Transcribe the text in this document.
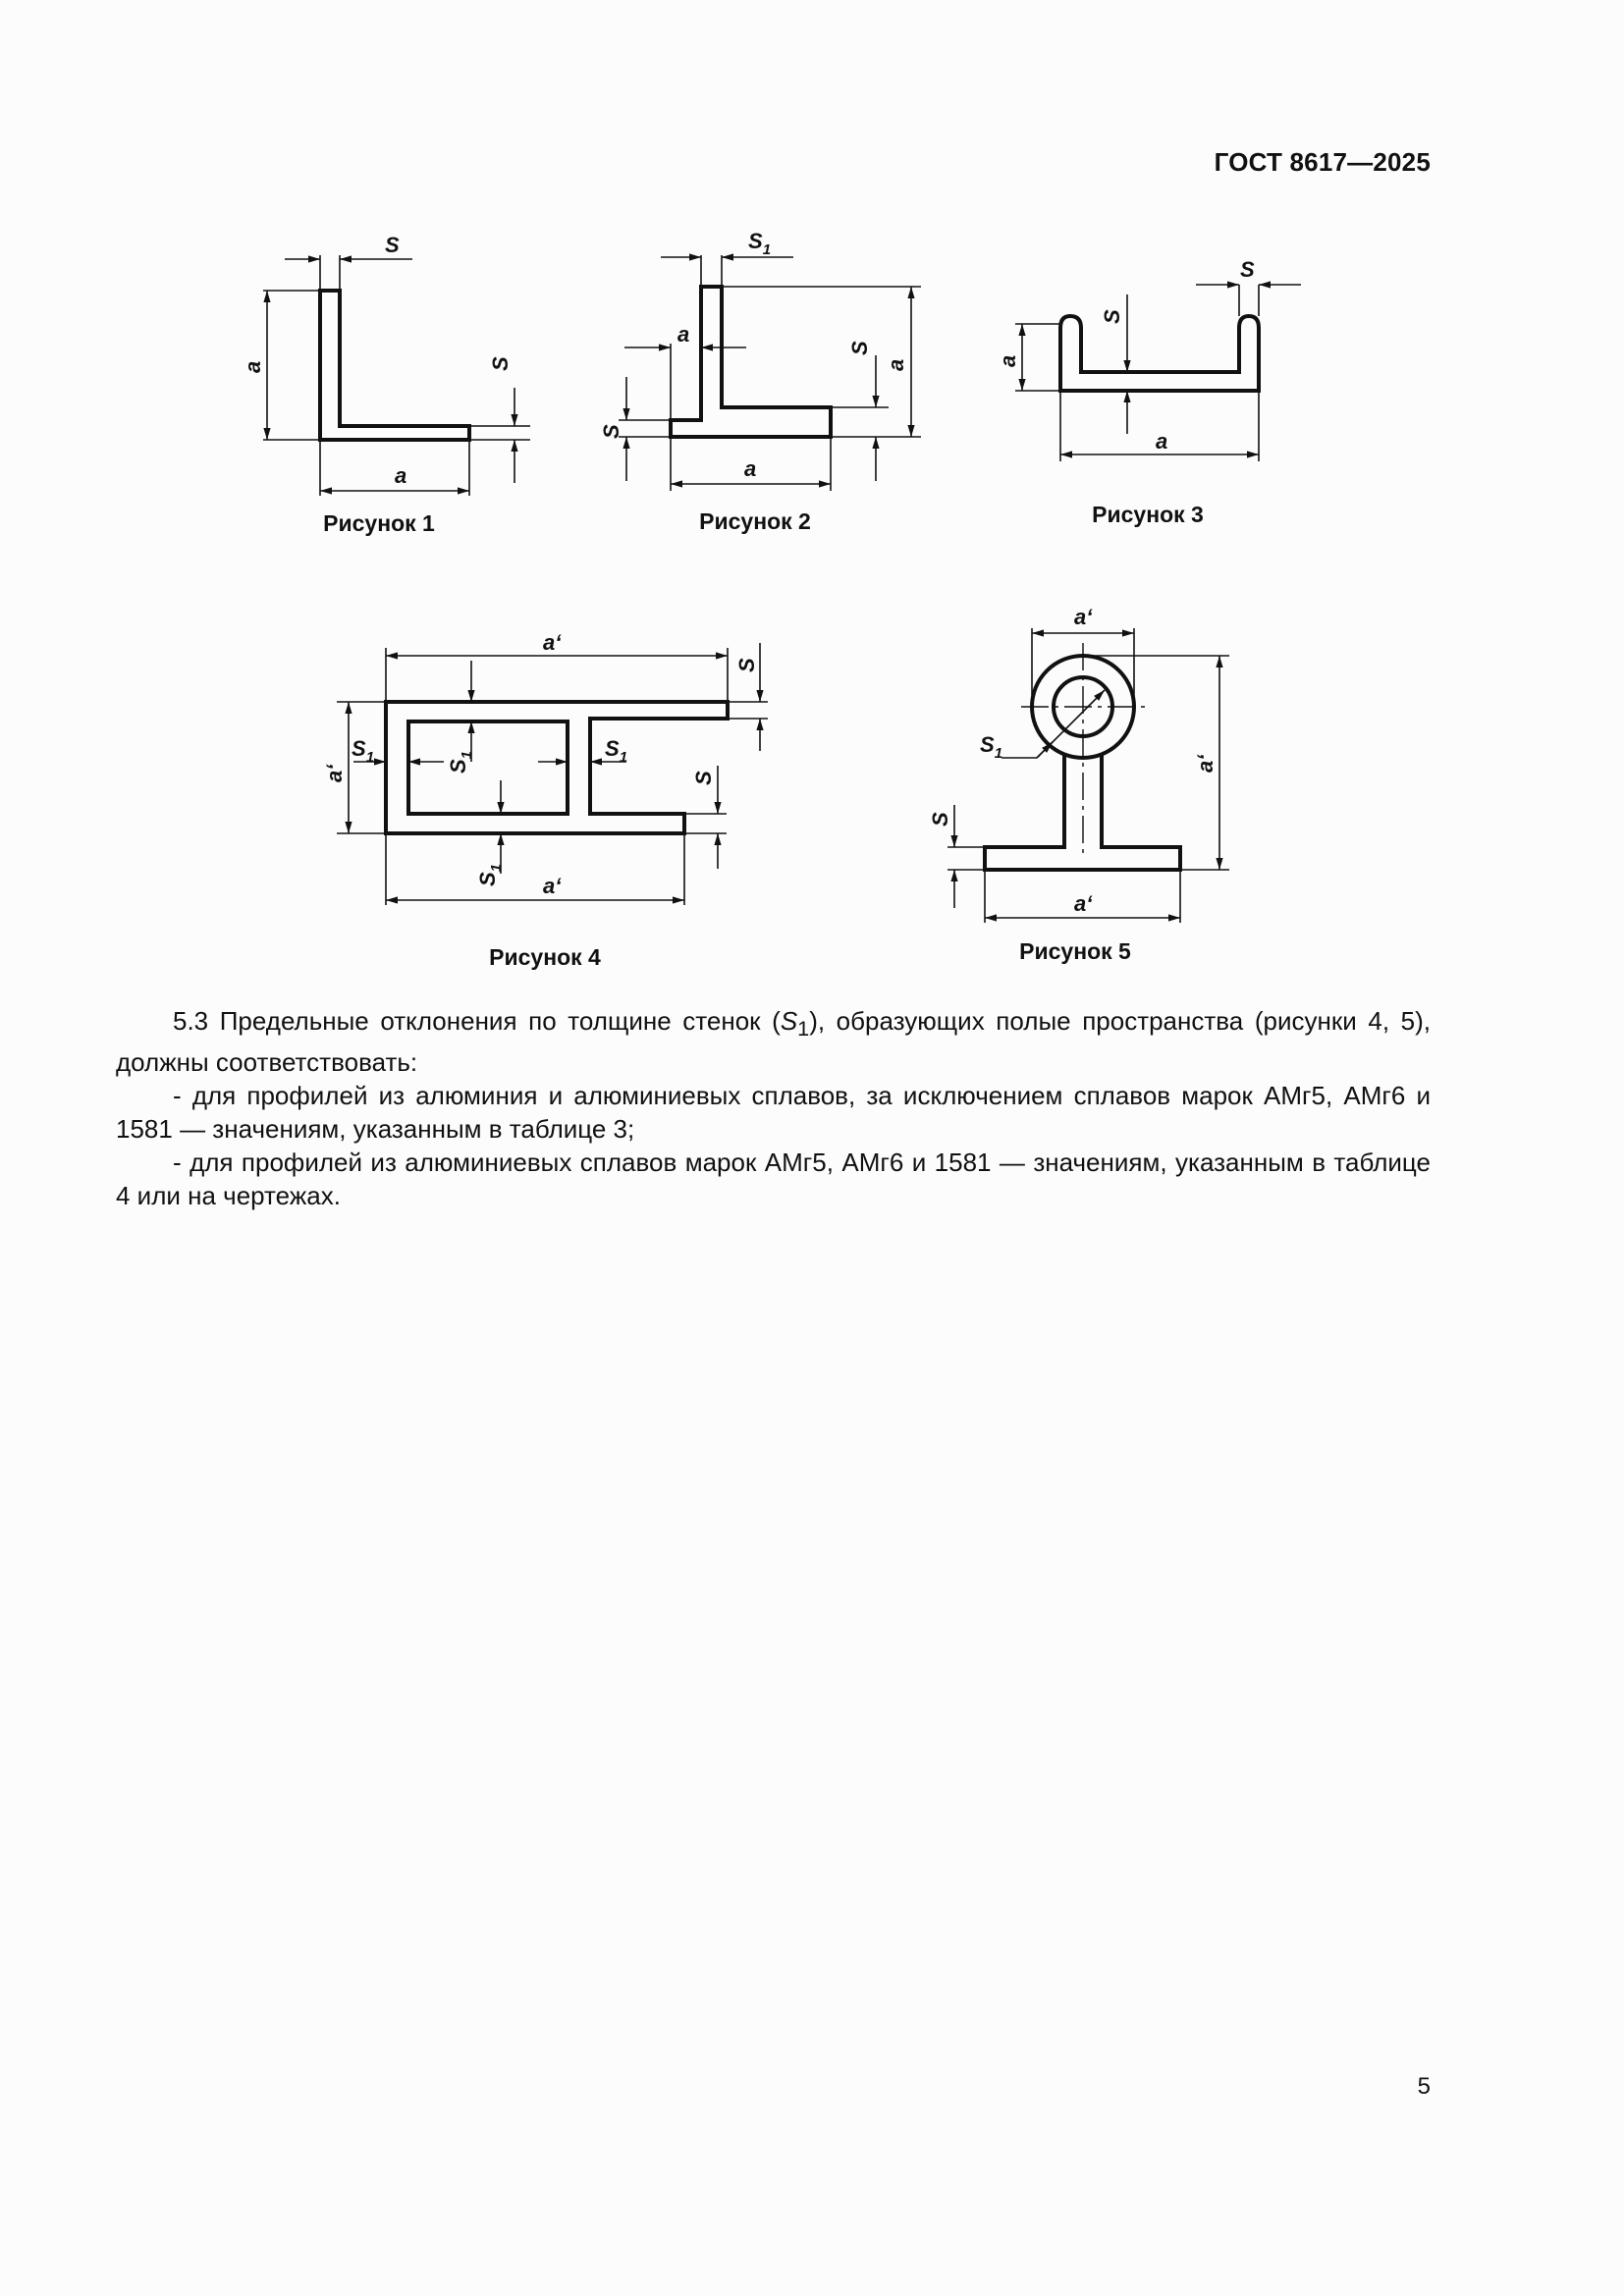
ГОСТ 8617—2025
S
a
a
S
$S_1$
a
S
a
S
a
S
a
S
a
a‘
S
a‘
$S_1$
$S_1$	$S_1$
$S_1$
S
a‘
a‘
a‘
$S_1$
S
a‘
Рисунок 1	Рисунок 2	Рисунок 3
Рисунок 4	Рисунок 5

5.3 Предельные отклонения по толщине стенок $(S_1)$, образующих полые пространства (рисунки 4, 5), должны соответствовать:

- для профилей из алюминия и алюминиевых сплавов, за исключением сплавов марок АМг5, АМг6 и 1581 — значениям, указанным в таблице 3;

- для профилей из алюминиевых сплавов марок АМг5, АМг6 и 1581 — значениям, указанным в таблице 4 или на чертежах.

5
